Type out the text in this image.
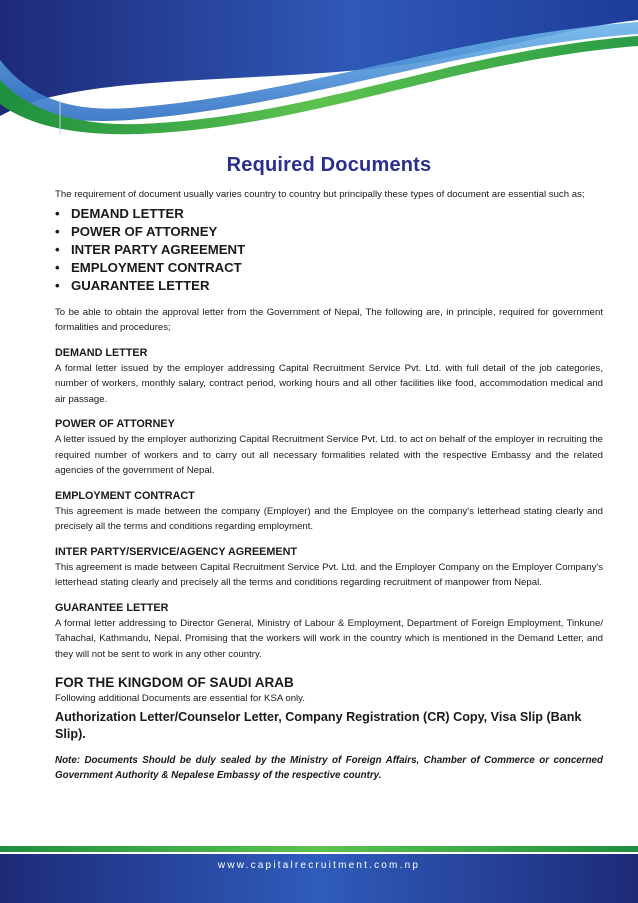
Required Documents

The requirement of document usually varies country to country but principally these types of document are essential such as;

• DEMAND LETTER
• POWER OF ATTORNEY
• INTER PARTY AGREEMENT
• EMPLOYMENT CONTRACT
• GUARANTEE LETTER

To be able to obtain the approval letter from the Government of Nepal, The following are, in principle, required for government formalities and procedures;

DEMAND LETTER

A formal letter issued by the employer addressing Capital Recruitment Service Pvt. Ltd. with full detail of the job categories, number of workers, monthly salary, contract period, working hours and all other facilities like food, accommodation medical and air passage.

POWER OF ATTORNEY

A letter issued by the employer authorizing Capital Recruitment Service Pvt. Ltd. to act on behalf of the employer in recruiting the required number of workers and to carry out all necessary formalities related with the respective Embassy and the related agencies of the government of Nepal.

EMPLOYMENT CONTRACT

This agreement is made between the company (Employer) and the Employee on the company's letterhead stating clearly and precisely all the terms and conditions regarding employment.

INTER PARTY/SERVICE/AGENCY AGREEMENT

This agreement is made between Capital Recruitment Service Pvt. Ltd. and the Employer Company on the Employer Company's letterhead stating clearly and precisely all the terms and conditions regarding recruitment of manpower from Nepal.

GUARANTEE LETTER

A formal letter addressing to Director General, Ministry of Labour & Employment, Department of Foreign Employment, Tinkune/ Tahachal, Kathmandu, Nepal. Promising that the workers will work in the country which is mentioned in the Demand Letter, and they will not be sent to work in any other country.

FOR THE KINGDOM OF SAUDI ARAB

Following additional Documents are essential for KSA only.

Authorization Letter/Counselor Letter, Company Registration (CR) Copy, Visa Slip (Bank Slip).
Note: Documents Should be duly sealed by the Ministry of Foreign Affairs, Chamber of Commerce or concerned Government Authority & Nepalese Embassy of the respective country.
www.capitalrecruitment.com.np
